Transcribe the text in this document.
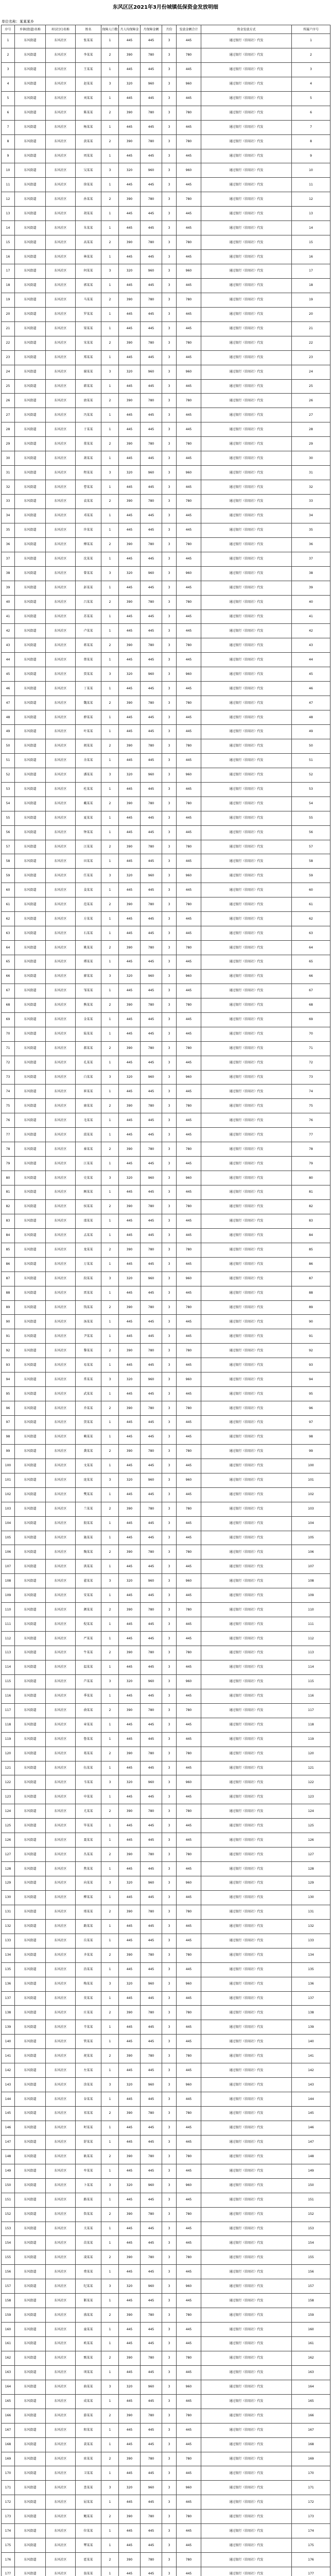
东风区区2021年3月份城镇低保资金发放明细
单位名称：某某某乡
序号	乡镇(街道)名称	村(社区)名称	姓名	保障人口数	月人均保障金	月保障金额	月份	发放金额合计	资金发放方式	所属户序号
1	东风街道	东风社区	张某某	1	445	445	3	445	通过银行（信用社）代发	1
2	东风街道	东风社区	李某某	2	390	780	3	780	通过银行（信用社）代发	2
3	东风街道	东风社区	王某某	1	445	445	3	445	通过银行（信用社）代发	3
4	东风街道	东风社区	赵某某	3	320	960	3	960	通过银行（信用社）代发	4
5	东风街道	东风社区	刘某某	1	445	445	3	445	通过银行（信用社）代发	5
6	东风街道	东风社区	陈某某	2	390	780	3	780	通过银行（信用社）代发	6
7	东风街道	东风社区	杨某某	1	445	445	3	445	通过银行（信用社）代发	7
8	东风街道	东风社区	黄某某	2	390	780	3	780	通过银行（信用社）代发	8
9	东风街道	东风社区	周某某	1	445	445	3	445	通过银行（信用社）代发	9
10	东风街道	东风社区	吴某某	3	320	960	3	960	通过银行（信用社）代发	10
11	东风街道	东风社区	徐某某	1	445	445	3	445	通过银行（信用社）代发	11
12	东风街道	东风社区	孙某某	2	390	780	3	780	通过银行（信用社）代发	12
13	东风街道	东风社区	胡某某	1	445	445	3	445	通过银行（信用社）代发	13
14	东风街道	东风社区	朱某某	1	445	445	3	445	通过银行（信用社）代发	14
15	东风街道	东风社区	高某某	2	390	780	3	780	通过银行（信用社）代发	15
16	东风街道	东风社区	林某某	1	445	445	3	445	通过银行（信用社）代发	16
17	东风街道	东风社区	何某某	3	320	960	3	960	通过银行（信用社）代发	17
18	东风街道	东风社区	郭某某	1	445	445	3	445	通过银行（信用社）代发	18
19	东风街道	东风社区	马某某	2	390	780	3	780	通过银行（信用社）代发	19
20	东风街道	东风社区	罗某某	1	445	445	3	445	通过银行（信用社）代发	20
21	东风街道	东风社区	梁某某	1	445	445	3	445	通过银行（信用社）代发	21
22	东风街道	东风社区	宋某某	2	390	780	3	780	通过银行（信用社）代发	22
23	东风街道	东风社区	郑某某	1	445	445	3	445	通过银行（信用社）代发	23
24	东风街道	东风社区	谢某某	3	320	960	3	960	通过银行（信用社）代发	24
25	东风街道	东风社区	韩某某	1	445	445	3	445	通过银行（信用社）代发	25
26	东风街道	东风社区	唐某某	2	390	780	3	780	通过银行（信用社）代发	26
27	东风街道	东风社区	冯某某	1	445	445	3	445	通过银行（信用社）代发	27
28	东风街道	东风社区	于某某	1	445	445	3	445	通过银行（信用社）代发	28
29	东风街道	东风社区	董某某	2	390	780	3	780	通过银行（信用社）代发	29
30	东风街道	东风社区	萧某某	1	445	445	3	445	通过银行（信用社）代发	30
31	东风街道	东风社区	程某某	3	320	960	3	960	通过银行（信用社）代发	31
32	东风街道	东风社区	曹某某	1	445	445	3	445	通过银行（信用社）代发	32
33	东风街道	东风社区	袁某某	2	390	780	3	780	通过银行（信用社）代发	33
34	东风街道	东风社区	邓某某	1	445	445	3	445	通过银行（信用社）代发	34
35	东风街道	东风社区	许某某	1	445	445	3	445	通过银行（信用社）代发	35
36	东风街道	东风社区	傅某某	2	390	780	3	780	通过银行（信用社）代发	36
37	东风街道	东风社区	沈某某	1	445	445	3	445	通过银行（信用社）代发	37
38	东风街道	东风社区	曾某某	3	320	960	3	960	通过银行（信用社）代发	38
39	东风街道	东风社区	彭某某	1	445	445	3	445	通过银行（信用社）代发	39
40	东风街道	东风社区	吕某某	2	390	780	3	780	通过银行（信用社）代发	40
41	东风街道	东风社区	苏某某	1	445	445	3	445	通过银行（信用社）代发	41
42	东风街道	东风社区	卢某某	1	445	445	3	445	通过银行（信用社）代发	42
43	东风街道	东风社区	蒋某某	2	390	780	3	780	通过银行（信用社）代发	43
44	东风街道	东风社区	蔡某某	1	445	445	3	445	通过银行（信用社）代发	44
45	东风街道	东风社区	贾某某	3	320	960	3	960	通过银行（信用社）代发	45
46	东风街道	东风社区	丁某某	1	445	445	3	445	通过银行（信用社）代发	46
47	东风街道	东风社区	魏某某	2	390	780	3	780	通过银行（信用社）代发	47
48	东风街道	东风社区	薛某某	1	445	445	3	445	通过银行（信用社）代发	48
49	东风街道	东风社区	叶某某	1	445	445	3	445	通过银行（信用社）代发	49
50	东风街道	东风社区	阎某某	2	390	780	3	780	通过银行（信用社）代发	50
51	东风街道	东风社区	余某某	1	445	445	3	445	通过银行（信用社）代发	51
52	东风街道	东风社区	潘某某	3	320	960	3	960	通过银行（信用社）代发	52
53	东风街道	东风社区	杜某某	1	445	445	3	445	通过银行（信用社）代发	53
54	东风街道	东风社区	戴某某	2	390	780	3	780	通过银行（信用社）代发	54
55	东风街道	东风社区	夏某某	1	445	445	3	445	通过银行（信用社）代发	55
56	东风街道	东风社区	钟某某	1	445	445	3	445	通过银行（信用社）代发	56
57	东风街道	东风社区	汪某某	2	390	780	3	780	通过银行（信用社）代发	57
58	东风街道	东风社区	田某某	1	445	445	3	445	通过银行（信用社）代发	58
59	东风街道	东风社区	任某某	3	320	960	3	960	通过银行（信用社）代发	59
60	东风街道	东风社区	姜某某	1	445	445	3	445	通过银行（信用社）代发	60
61	东风街道	东风社区	范某某	2	390	780	3	780	通过银行（信用社）代发	61
62	东风街道	东风社区	方某某	1	445	445	3	445	通过银行（信用社）代发	62
63	东风街道	东风社区	石某某	1	445	445	3	445	通过银行（信用社）代发	63
64	东风街道	东风社区	姚某某	2	390	780	3	780	通过银行（信用社）代发	64
65	东风街道	东风社区	谭某某	1	445	445	3	445	通过银行（信用社）代发	65
66	东风街道	东风社区	廖某某	3	320	960	3	960	通过银行（信用社）代发	66
67	东风街道	东风社区	邹某某	1	445	445	3	445	通过银行（信用社）代发	67
68	东风街道	东风社区	熊某某	2	390	780	3	780	通过银行（信用社）代发	68
69	东风街道	东风社区	金某某	1	445	445	3	445	通过银行（信用社）代发	69
70	东风街道	东风社区	陆某某	1	445	445	3	445	通过银行（信用社）代发	70
71	东风街道	东风社区	郝某某	2	390	780	3	780	通过银行（信用社）代发	71
72	东风街道	东风社区	孔某某	1	445	445	3	445	通过银行（信用社）代发	72
73	东风街道	东风社区	白某某	3	320	960	3	960	通过银行（信用社）代发	73
74	东风街道	东风社区	崔某某	1	445	445	3	445	通过银行（信用社）代发	74
75	东风街道	东风社区	康某某	2	390	780	3	780	通过银行（信用社）代发	75
76	东风街道	东风社区	毛某某	1	445	445	3	445	通过银行（信用社）代发	76
77	东风街道	东风社区	邱某某	1	445	445	3	445	通过银行（信用社）代发	77
78	东风街道	东风社区	秦某某	2	390	780	3	780	通过银行（信用社）代发	78
79	东风街道	东风社区	江某某	1	445	445	3	445	通过银行（信用社）代发	79
80	东风街道	东风社区	史某某	3	320	960	3	960	通过银行（信用社）代发	80
81	东风街道	东风社区	顾某某	1	445	445	3	445	通过银行（信用社）代发	81
82	东风街道	东风社区	侯某某	2	390	780	3	780	通过银行（信用社）代发	82
83	东风街道	东风社区	邵某某	1	445	445	3	445	通过银行（信用社）代发	83
84	东风街道	东风社区	孟某某	1	445	445	3	445	通过银行（信用社）代发	84
85	东风街道	东风社区	龙某某	2	390	780	3	780	通过银行（信用社）代发	85
86	东风街道	东风社区	万某某	1	445	445	3	445	通过银行（信用社）代发	86
87	东风街道	东风社区	段某某	3	320	960	3	960	通过银行（信用社）代发	87
88	东风街道	东风社区	雷某某	1	445	445	3	445	通过银行（信用社）代发	88
89	东风街道	东风社区	钱某某	2	390	780	3	780	通过银行（信用社）代发	89
90	东风街道	东风社区	汤某某	1	445	445	3	445	通过银行（信用社）代发	90
91	东风街道	东风社区	尹某某	1	445	445	3	445	通过银行（信用社）代发	91
92	东风街道	东风社区	黎某某	2	390	780	3	780	通过银行（信用社）代发	92
93	东风街道	东风社区	易某某	1	445	445	3	445	通过银行（信用社）代发	93
94	东风街道	东风社区	常某某	3	320	960	3	960	通过银行（信用社）代发	94
95	东风街道	东风社区	武某某	1	445	445	3	445	通过银行（信用社）代发	95
96	东风街道	东风社区	乔某某	2	390	780	3	780	通过银行（信用社）代发	96
97	东风街道	东风社区	贺某某	1	445	445	3	445	通过银行（信用社）代发	97
98	东风街道	东风社区	赖某某	1	445	445	3	445	通过银行（信用社）代发	98
99	东风街道	东风社区	龚某某	2	390	780	3	780	通过银行（信用社）代发	99
100	东风街道	东风社区	文某某	1	445	445	3	445	通过银行（信用社）代发	100
101	东风街道	东风社区	庞某某	3	320	960	3	960	通过银行（信用社）代发	101
102	东风街道	东风社区	樊某某	1	445	445	3	445	通过银行（信用社）代发	102
103	东风街道	东风社区	兰某某	2	390	780	3	780	通过银行（信用社）代发	103
104	东风街道	东风社区	殷某某	1	445	445	3	445	通过银行（信用社）代发	104
105	东风街道	东风社区	施某某	1	445	445	3	445	通过银行（信用社）代发	105
106	东风街道	东风社区	陶某某	2	390	780	3	780	通过银行（信用社）代发	106
107	东风街道	东风社区	洪某某	1	445	445	3	445	通过银行（信用社）代发	107
108	东风街道	东风社区	翟某某	3	320	960	3	960	通过银行（信用社）代发	108
109	东风街道	东风社区	安某某	1	445	445	3	445	通过银行（信用社）代发	109
110	东风街道	东风社区	颜某某	2	390	780	3	780	通过银行（信用社）代发	110
111	东风街道	东风社区	倪某某	1	445	445	3	445	通过银行（信用社）代发	111
112	东风街道	东风社区	严某某	1	445	445	3	445	通过银行（信用社）代发	112
113	东风街道	东风社区	牛某某	2	390	780	3	780	通过银行（信用社）代发	113
114	东风街道	东风社区	温某某	1	445	445	3	445	通过银行（信用社）代发	114
115	东风街道	东风社区	芦某某	3	320	960	3	960	通过银行（信用社）代发	115
116	东风街道	东风社区	季某某	1	445	445	3	445	通过银行（信用社）代发	116
117	东风街道	东风社区	俞某某	2	390	780	3	780	通过银行（信用社）代发	117
118	东风街道	东风社区	章某某	1	445	445	3	445	通过银行（信用社）代发	118
119	东风街道	东风社区	鲁某某	1	445	445	3	445	通过银行（信用社）代发	119
120	东风街道	东风社区	葛某某	2	390	780	3	780	通过银行（信用社）代发	120
121	东风街道	东风社区	伍某某	1	445	445	3	445	通过银行（信用社）代发	121
122	东风街道	东风社区	韦某某	3	320	960	3	960	通过银行（信用社）代发	122
123	东风街道	东风社区	申某某	1	445	445	3	445	通过银行（信用社）代发	123
124	东风街道	东风社区	尤某某	2	390	780	3	780	通过银行（信用社）代发	124
125	东风街道	东风社区	毕某某	1	445	445	3	445	通过银行（信用社）代发	125
126	东风街道	东风社区	聂某某	1	445	445	3	445	通过银行（信用社）代发	126
127	东风街道	东风社区	丛某某	2	390	780	3	780	通过银行（信用社）代发	127
128	东风街道	东风社区	焦某某	1	445	445	3	445	通过银行（信用社）代发	128
129	东风街道	东风社区	向某某	3	320	960	3	960	通过银行（信用社）代发	129
130	东风街道	东风社区	柳某某	1	445	445	3	445	通过银行（信用社）代发	130
131	东风街道	东风社区	邢某某	2	390	780	3	780	通过银行（信用社）代发	131
132	东风街道	东风社区	路某某	1	445	445	3	445	通过银行（信用社）代发	132
133	东风街道	东风社区	岳某某	1	445	445	3	445	通过银行（信用社）代发	133
134	东风街道	东风社区	齐某某	2	390	780	3	780	通过银行（信用社）代发	134
135	东风街道	东风社区	沿某某	1	445	445	3	445	通过银行（信用社）代发	135
136	东风街道	东风社区	梅某某	3	320	960	3	960	通过银行（信用社）代发	136
137	东风街道	东风社区	莫某某	1	445	445	3	445	通过银行（信用社）代发	137
138	东风街道	东风社区	庄某某	2	390	780	3	780	通过银行（信用社）代发	138
139	东风街道	东风社区	辛某某	1	445	445	3	445	通过银行（信用社）代发	139
140	东风街道	东风社区	管某某	1	445	445	3	445	通过银行（信用社）代发	140
141	东风街道	东风社区	祝某某	2	390	780	3	780	通过银行（信用社）代发	141
142	东风街道	东风社区	左某某	1	445	445	3	445	通过银行（信用社）代发	142
143	东风街道	东风社区	涂某某	3	320	960	3	960	通过银行（信用社）代发	143
144	东风街道	东风社区	谷某某	1	445	445	3	445	通过银行（信用社）代发	144
145	东风街道	东风社区	祁某某	2	390	780	3	780	通过银行（信用社）代发	145
146	东风街道	东风社区	时某某	1	445	445	3	445	通过银行（信用社）代发	146
147	东风街道	东风社区	舒某某	1	445	445	3	445	通过银行（信用社）代发	147
148	东风街道	东风社区	耿某某	2	390	780	3	780	通过银行（信用社）代发	148
149	东风街道	东风社区	牟某某	1	445	445	3	445	通过银行（信用社）代发	149
150	东风街道	东风社区	卜某某	3	320	960	3	960	通过银行（信用社）代发	150
151	东风街道	东风社区	路某某	1	445	445	3	445	通过银行（信用社）代发	151
152	东风街道	东风社区	詹某某	2	390	780	3	780	通过银行（信用社）代发	152
153	东风街道	东风社区	关某某	1	445	445	3	445	通过银行（信用社）代发	153
154	东风街道	东风社区	苗某某	1	445	445	3	445	通过银行（信用社）代发	154
155	东风街道	东风社区	凌某某	2	390	780	3	780	通过银行（信用社）代发	155
156	东风街道	东风社区	费某某	1	445	445	3	445	通过银行（信用社）代发	156
157	东风街道	东风社区	纪某某	3	320	960	3	960	通过银行（信用社）代发	157
158	东风街道	东风社区	靳某某	1	445	445	3	445	通过银行（信用社）代发	158
159	东风街道	东风社区	盛某某	2	390	780	3	780	通过银行（信用社）代发	159
160	东风街道	东风社区	童某某	1	445	445	3	445	通过银行（信用社）代发	160
161	东风街道	东风社区	欧某某	1	445	445	3	445	通过银行（信用社）代发	161
162	东风街道	东风社区	甄某某	2	390	780	3	780	通过银行（信用社）代发	162
163	东风街道	东风社区	项某某	1	445	445	3	445	通过银行（信用社）代发	163
164	东风街道	东风社区	曲某某	3	320	960	3	960	通过银行（信用社）代发	164
165	东风街道	东风社区	成某某	1	445	445	3	445	通过银行（信用社）代发	165
166	东风街道	东风社区	游某某	2	390	780	3	780	通过银行（信用社）代发	166
167	东风街道	东风社区	阳某某	1	445	445	3	445	通过银行（信用社）代发	167
168	东风街道	东风社区	裴某某	1	445	445	3	445	通过银行（信用社）代发	168
169	东风街道	东风社区	席某某	2	390	780	3	780	通过银行（信用社）代发	169
170	东风街道	东风社区	卫某某	1	445	445	3	445	通过银行（信用社）代发	170
171	东风街道	东风社区	查某某	3	320	960	3	960	通过银行（信用社）代发	171
172	东风街道	东风社区	屈某某	1	445	445	3	445	通过银行（信用社）代发	172
173	东风街道	东风社区	鲍某某	2	390	780	3	780	通过银行（信用社）代发	173
174	东风街道	东风社区	位某某	1	445	445	3	445	通过银行（信用社）代发	174
175	东风街道	东风社区	覃某某	1	445	445	3	445	通过银行（信用社）代发	175
176	东风街道	东风社区	霍某某	2	390	780	3	780	通过银行（信用社）代发	176
177	东风街道	东风社区	翁某某	1	445	445	3	445	通过银行（信用社）代发	177
